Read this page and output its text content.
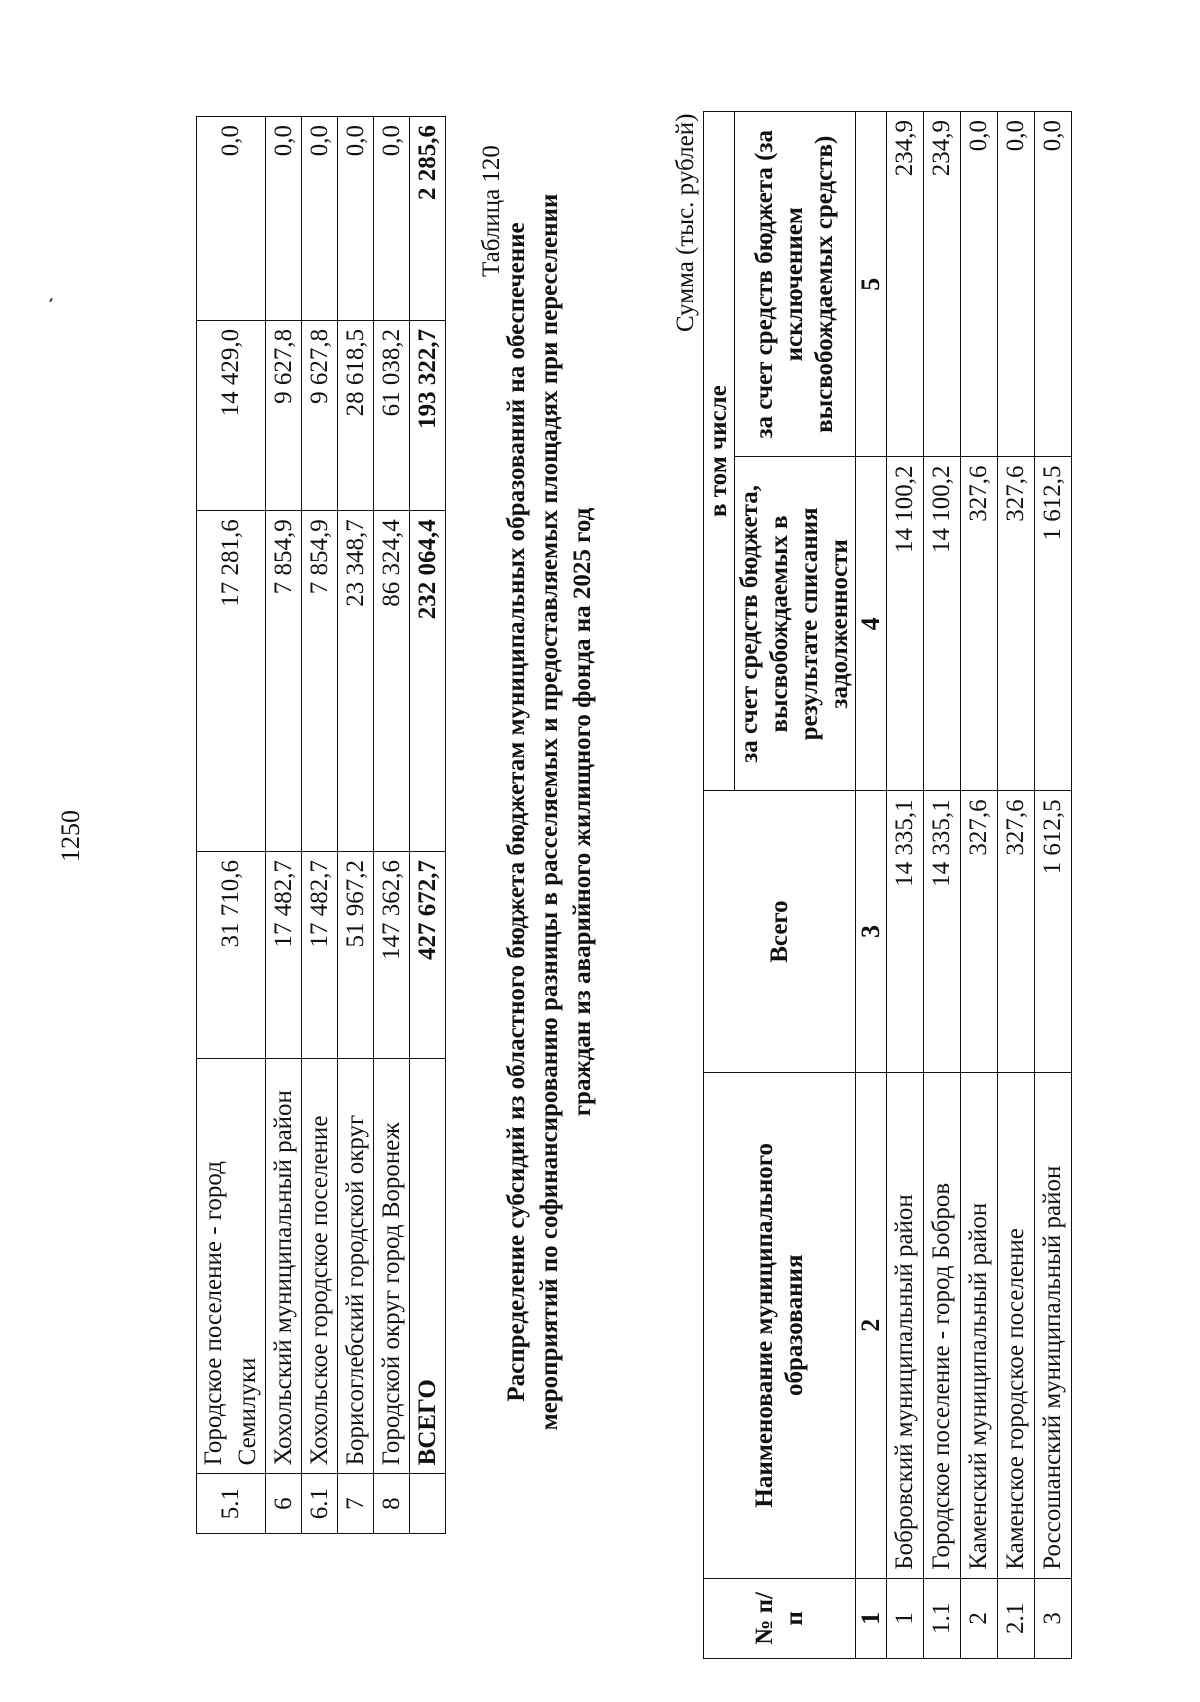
1250
5.1	Городское поселение - город Семилуки	31 710,6	17 281,6	14 429,0	0,0
6	Хохольский муниципальный район	17 482,7	7 854,9	9 627,8	0,0
6.1	Хохольское городское поселение	17 482,7	7 854,9	9 627,8	0,0
7	Борисоглебский городской округ	51 967,2	23 348,7	28 618,5	0,0
8	Городской округ город Воронеж	147 362,6	86 324,4	61 038,2	0,0
	ВСЕГО	427 672,7	232 064,4	193 322,7	2 285,6 Таблица 120
Распределение субсидий из областного бюджета бюджетам муниципальных образований на обеспечение мероприятий по софинансированию разницы в расселяемых и предоставляемых площадях при переселении граждан из аварийного жилищного фонда на 2025 год
Сумма (тыс. рублей)
№ п/п	Наименование муниципального образования	Всего	в том числе	
			за счет средств бюджета, высвобождаемых в результате списания задолженности	за счет средств бюджета (за исключением высвобождаемых средств)
1	2	3	4	5
1	Бобровский муниципальный район	14 335,1	14 100,2	234,9
1.1	Городское поселение - город Бобров	14 335,1	14 100,2	234,9
2	Каменский муниципальный район	327,6	327,6	0,0
2.1	Каменское городское поселение	327,6	327,6	0,0
3	Россошанский муниципальный район	1 612,5	1 612,5	0,0
